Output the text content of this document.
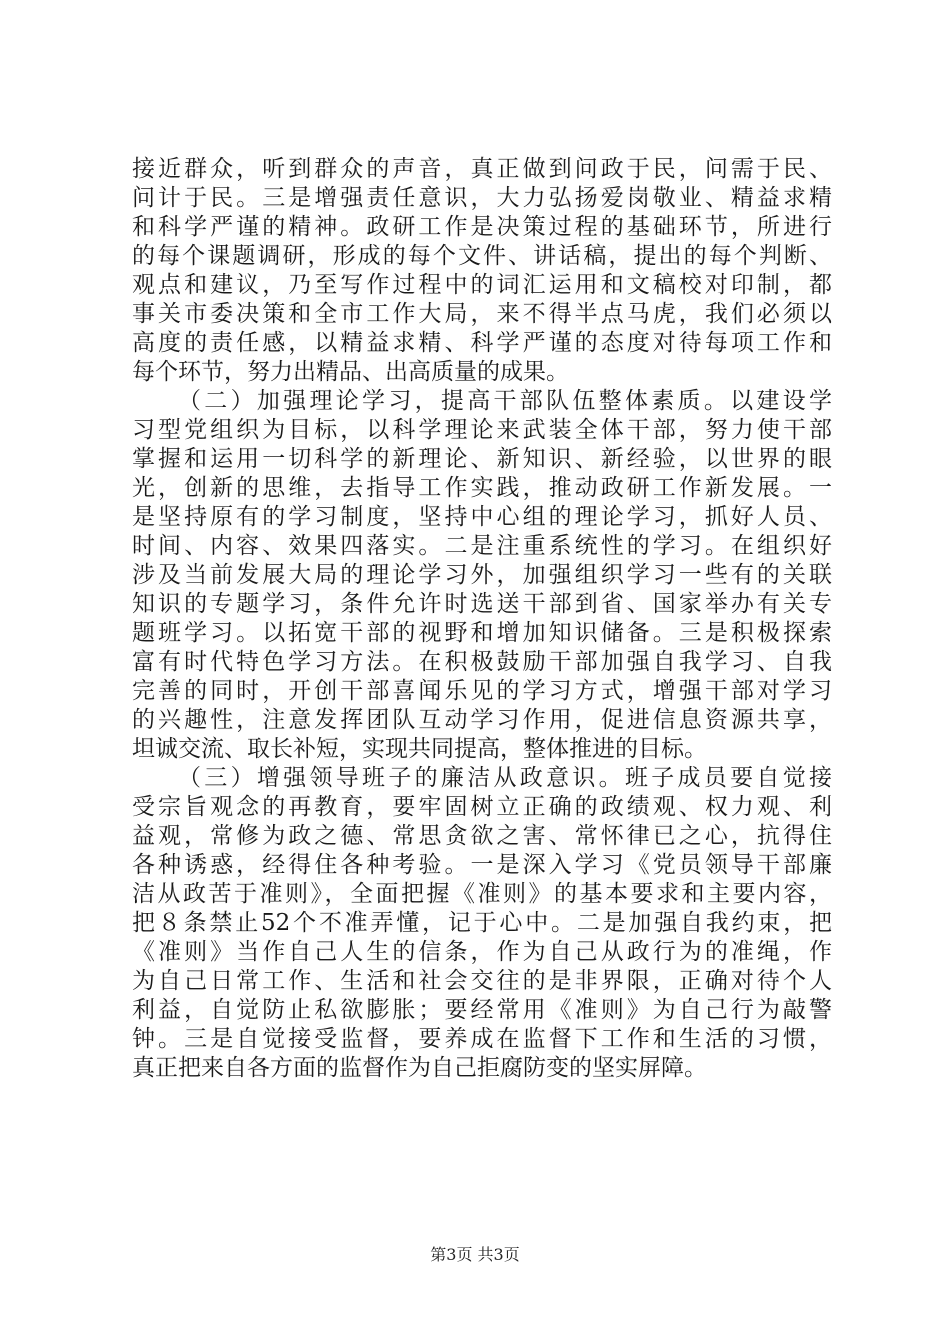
接近群众，听到群众的声音，真正做到问政于民，问需于民、
问计于民。三是增强责任意识，大力弘扬爱岗敬业、精益求精
和科学严谨的精神。政研工作是决策过程的基础环节，所进行
的每个课题调研，形成的每个文件、讲话稿，提出的每个判断、
观点和建议，乃至写作过程中的词汇运用和文稿校对印制，都
事关市委决策和全市工作大局，来不得半点马虎，我们必须以
高度的责任感，以精益求精、科学严谨的态度对待每项工作和
每个环节，努力出精品、出高质量的成果。
（二）加强理论学习，提高干部队伍整体素质。以建设学
习型党组织为目标，以科学理论来武装全体干部，努力使干部
掌握和运用一切科学的新理论、新知识、新经验，以世界的眼
光，创新的思维，去指导工作实践，推动政研工作新发展。一
是坚持原有的学习制度，坚持中心组的理论学习，抓好人员、
时间、内容、效果四落实。二是注重系统性的学习。在组织好
涉及当前发展大局的理论学习外，加强组织学习一些有的关联
知识的专题学习，条件允许时选送干部到省、国家举办有关专
题班学习。以拓宽干部的视野和增加知识储备。三是积极探索
富有时代特色学习方法。在积极鼓励干部加强自我学习、自我
完善的同时，开创干部喜闻乐见的学习方式，增强干部对学习
的兴趣性，注意发挥团队互动学习作用，促进信息资源共享，
坦诚交流、取长补短，实现共同提高，整体推进的目标。
（三）增强领导班子的廉洁从政意识。班子成员要自觉接
受宗旨观念的再教育，要牢固树立正确的政绩观、权力观、利
益观，常修为政之德、常思贪欲之害、常怀律已之心，抗得住
各种诱惑，经得住各种考验。一是深入学习《党员领导干部廉
洁从政苦于准则》，全面把握《准则》的基本要求和主要内容，
把８条禁止52个不准弄懂，记于心中。二是加强自我约束，把
《准则》当作自己人生的信条，作为自己从政行为的准绳，作
为自己日常工作、生活和社会交往的是非界限，正确对待个人
利益，自觉防止私欲膨胀；要经常用《准则》为自己行为敲警
钟。三是自觉接受监督，要养成在监督下工作和生活的习惯，
真正把来自各方面的监督作为自己拒腐防变的坚实屏障。
第3页 共3页
